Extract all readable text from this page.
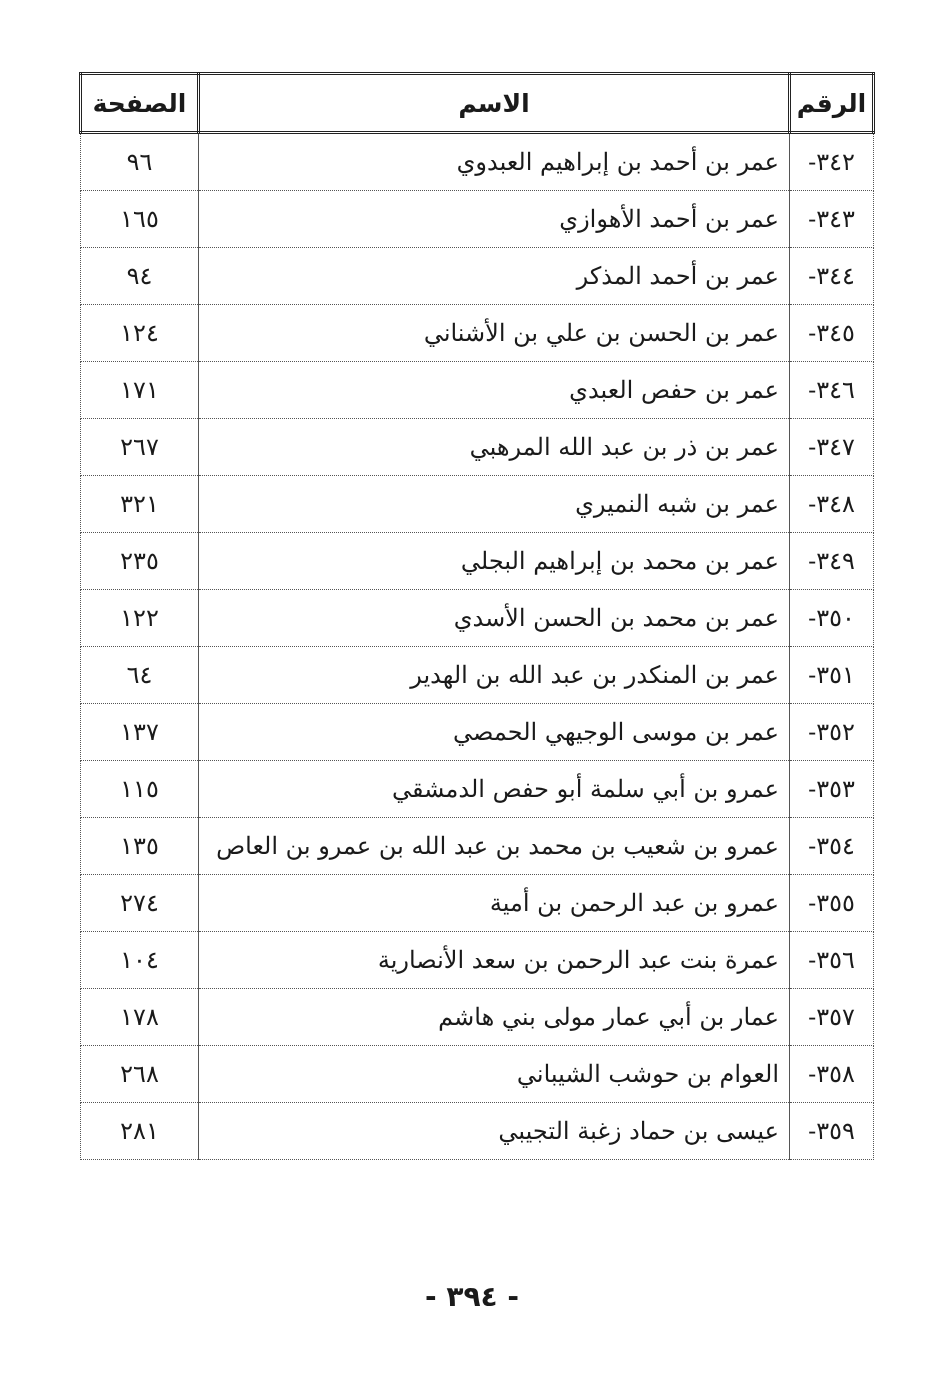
الرقم	الاسم	الصفحة
٣٤٢-	عمر بن أحمد بن إبراهيم العبدوي	٩٦
٣٤٣-	عمر بن أحمد الأهوازي	١٦٥
٣٤٤-	عمر بن أحمد المذكر	٩٤
٣٤٥-	عمر بن الحسن بن علي بن الأشناني	١٢٤
٣٤٦-	عمر بن حفص العبدي	١٧١
٣٤٧-	عمر بن ذر بن عبد الله المرهبي	٢٦٧
٣٤٨-	عمر بن شبه النميري	٣٢١
٣٤٩-	عمر بن محمد بن إبراهيم البجلي	٢٣٥
٣٥٠-	عمر بن محمد بن الحسن الأسدي	١٢٢
٣٥١-	عمر بن المنكدر بن عبد الله بن الهدير	٦٤
٣٥٢-	عمر بن موسى الوجيهي الحمصي	١٣٧
٣٥٣-	عمرو بن أبي سلمة أبو حفص الدمشقي	١١٥
٣٥٤-	عمرو بن شعيب بن محمد بن عبد الله بن عمرو بن العاص	١٣٥
٣٥٥-	عمرو بن عبد الرحمن بن أمية	٢٧٤
٣٥٦-	عمرة بنت عبد الرحمن بن سعد الأنصارية	١٠٤
٣٥٧-	عمار بن أبي عمار مولى بني هاشم	١٧٨
٣٥٨-	العوام بن حوشب الشيباني	٢٦٨
٣٥٩-	عيسى بن حماد زغبة التجيبي	٢٨١
- ٣٩٤ -
